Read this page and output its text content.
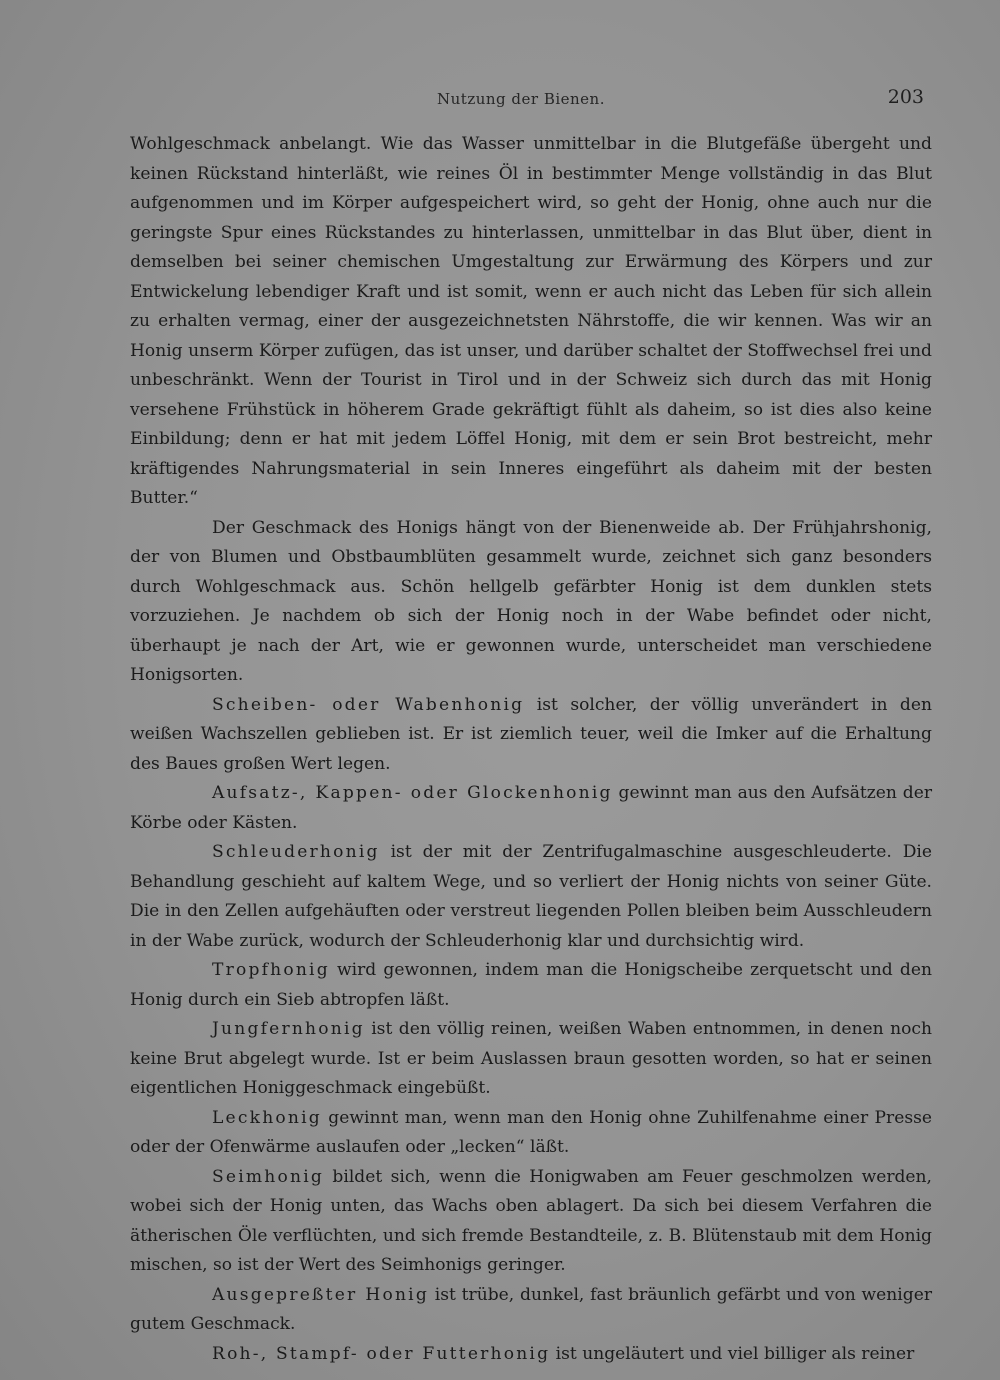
Nutzung der Bienen.	203

Wohlgeschmack anbelangt. Wie das Wasser unmittelbar in die Blutgefäße übergeht und keinen Rückstand hinterläßt, wie reines Öl in bestimmter Menge vollständig in das Blut aufgenommen und im Körper aufgespeichert wird, so geht der Honig, ohne auch nur die geringste Spur eines Rückstandes zu hinterlassen, unmittelbar in das Blut über, dient in demselben bei seiner chemischen Umgestaltung zur Erwärmung des Körpers und zur Entwickelung lebendiger Kraft und ist somit, wenn er auch nicht das Leben für sich allein zu erhalten vermag, einer der ausgezeichnetsten Nährstoffe, die wir kennen. Was wir an Honig unserm Körper zufügen, das ist unser, und darüber schaltet der Stoffwechsel frei und unbeschränkt. Wenn der Tourist in Tirol und in der Schweiz sich durch das mit Honig versehene Frühstück in höherem Grade gekräftigt fühlt als daheim, so ist dies also keine Einbildung; denn er hat mit jedem Löffel Honig, mit dem er sein Brot bestreicht, mehr kräftigendes Nahrungsmaterial in sein Inneres eingeführt als daheim mit der besten Butter.“

Der Geschmack des Honigs hängt von der Bienenweide ab. Der Frühjahrshonig, der von Blumen und Obstbaumblüten gesammelt wurde, zeichnet sich ganz besonders durch Wohlgeschmack aus. Schön hellgelb gefärbter Honig ist dem dunklen stets vorzuziehen. Je nachdem ob sich der Honig noch in der Wabe befindet oder nicht, überhaupt je nach der Art, wie er gewonnen wurde, unterscheidet man verschiedene Honigsorten.

Scheiben- oder Wabenhonig ist solcher, der völlig unverändert in den weißen Wachszellen geblieben ist. Er ist ziemlich teuer, weil die Imker auf die Erhaltung des Baues großen Wert legen.

Aufsatz-, Kappen- oder Glockenhonig gewinnt man aus den Aufsätzen der Körbe oder Kästen.

Schleuderhonig ist der mit der Zentrifugalmaschine ausgeschleuderte. Die Behandlung geschieht auf kaltem Wege, und so verliert der Honig nichts von seiner Güte. Die in den Zellen aufgehäuften oder verstreut liegenden Pollen bleiben beim Ausschleudern in der Wabe zurück, wodurch der Schleuderhonig klar und durchsichtig wird.

Tropfhonig wird gewonnen, indem man die Honigscheibe zerquetscht und den Honig durch ein Sieb abtropfen läßt.

Jungfernhonig ist den völlig reinen, weißen Waben entnommen, in denen noch keine Brut abgelegt wurde. Ist er beim Auslassen braun gesotten worden, so hat er seinen eigentlichen Honiggeschmack eingebüßt.

Leckhonig gewinnt man, wenn man den Honig ohne Zuhilfenahme einer Presse oder der Ofenwärme auslaufen oder „lecken“ läßt.

Seimhonig bildet sich, wenn die Honigwaben am Feuer geschmolzen werden, wobei sich der Honig unten, das Wachs oben ablagert. Da sich bei diesem Verfahren die ätherischen Öle verflüchten, und sich fremde Bestandteile, z. B. Blütenstaub mit dem Honig mischen, so ist der Wert des Seimhonigs geringer.

Ausgepreßter Honig ist trübe, dunkel, fast bräunlich gefärbt und von weniger gutem Geschmack.

Roh-, Stampf- oder Futterhonig ist ungeläutert und viel billiger als reiner
